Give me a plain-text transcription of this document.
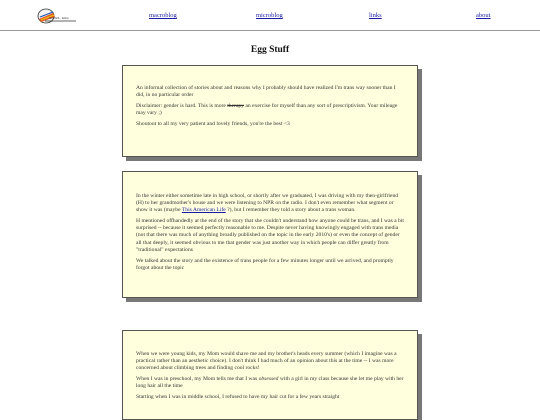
NOTES · EGG	macroblog	microblog	links	about
Egg Stuff

An informal collection of stories about and reasons why I probably should have realized I'm trans way sooner than I did, in no particular order

Disclaimer: gender is hard. This is more therapy an exercise for myself than any sort of prescriptivism. Your mileage may vary ;)

Shoutout to all my very patient and lovely friends, you're the best <3

In the winter either sometime late in high school, or shortly after we graduated, I was driving with my then-girlfriend (H) to her grandmother's house and we were listening to NPR on the radio. I don't even remember what segment or show it was (maybe This American Life ?), but I remember they told a story about a trans woman.

H mentioned offhandedly at the end of the story that she couldn't understand how anyone could be trans, and I was a bit surprised -- because it seemed perfectly reasonable to me. Despite never having knowingly engaged with trans media (not that there was much of anything broadly published on the topic in the early 2010's) or even the concept of gender all that deeply, it seemed obvious to me that gender was just another way in which people can differ greatly from "traditional" expectations

We talked about the story and the existence of trans people for a few minutes longer until we arrived, and promptly forgot about the topic

When we were young kids, my Mom would shave me and my brother's heads every summer (which I imagine was a practical rather than an aesthetic choice). I don't think I had much of an opinion about this at the time -- I was more concerned about climbing trees and finding cool rocks!

When I was in preschool, my Mom tells me that I was obsessed with a girl in my class because she let me play with her long hair all the time

Starting when I was in middle school, I refused to have my hair cut for a few years straight
